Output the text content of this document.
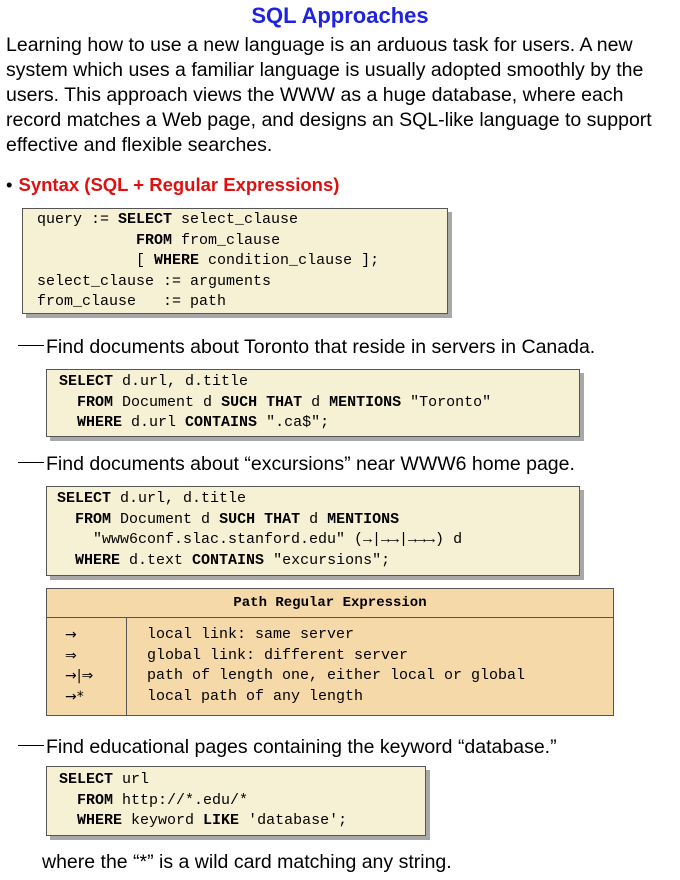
SQL Approaches

Learning how to use a new language is an arduous task for users. A new system which uses a familiar language is usually adopted smoothly by the users. This approach views the WWW as a huge database, where each record matches a Web page, and designs an SQL-like language to support effective and flexible searches.

• Syntax (SQL + Regular Expressions)
query := SELECT select_clause
FROM from_clause
[ WHERE condition_clause ];
select_clause := arguments
from_clause   := path
Find documents about Toronto that reside in servers in Canada.
SELECT d.url, d.title
FROM Document d SUCH THAT d MENTIONS "Toronto"
WHERE d.url CONTAINS ".ca$";
Find documents about “excursions” near WWW6 home page.
SELECT d.url, d.title
FROM Document d SUCH THAT d MENTIONS
"www6conf.slac.stanford.edu" (→|→→|→→→) d
WHERE d.text CONTAINS "excursions";
Path Regular Expression
→	local link: same server
⇒	global link: different server
→|⇒	path of length one, either local or global
→*	local path of any length
Find educational pages containing the keyword “database.”
SELECT url
FROM http://*.edu/*
WHERE keyword LIKE 'database';
where the “*” is a wild card matching any string.
